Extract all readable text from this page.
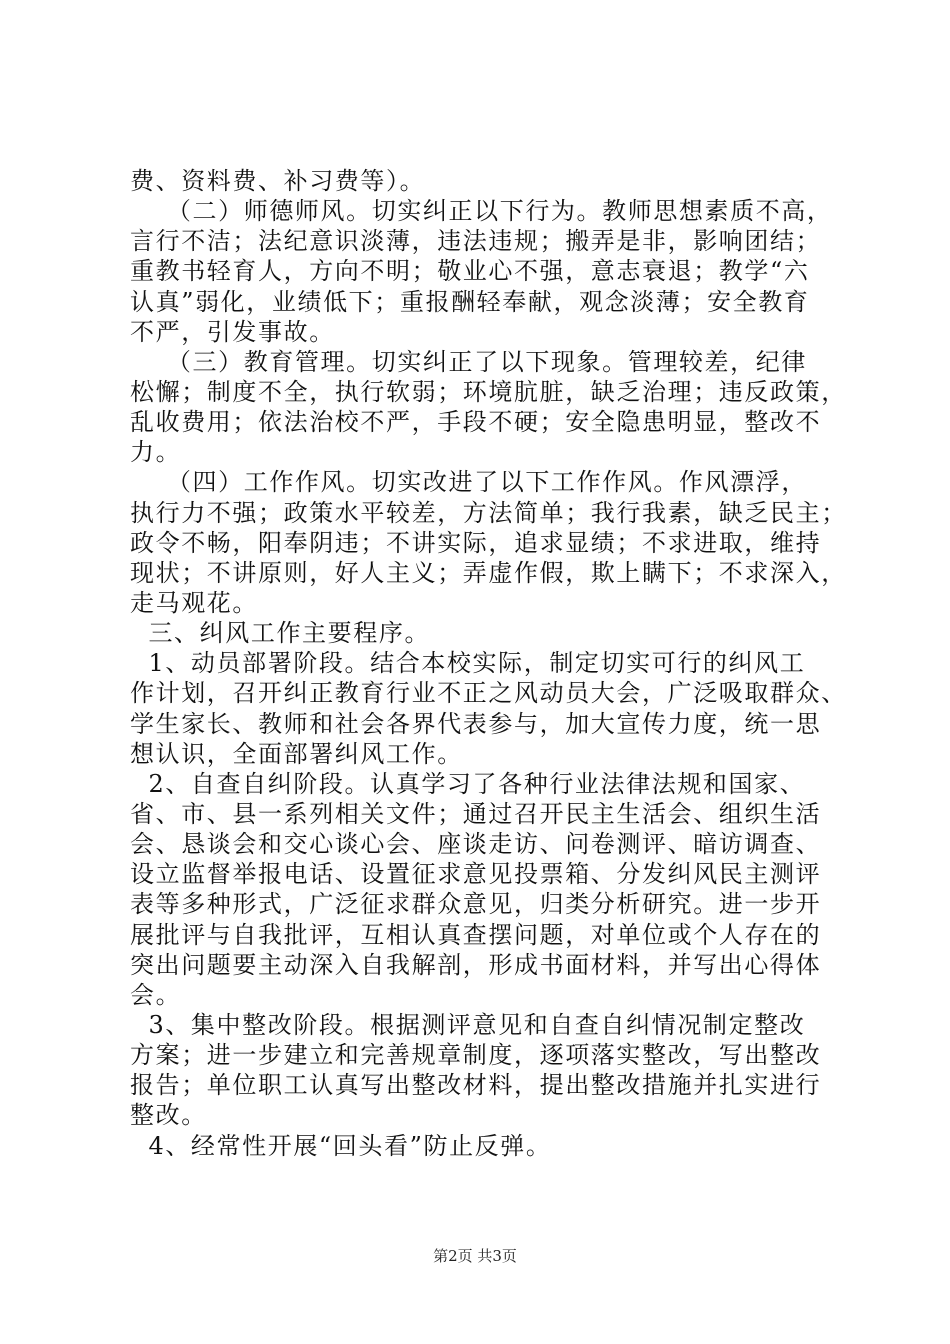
费、资料费、补习费等）。
（二）师德师风。切实纠正以下行为。教师思想素质不高，
言行不洁；法纪意识淡薄，违法违规；搬弄是非，影响团结；
重教书轻育人，方向不明；敬业心不强，意志衰退；教学“六
认真”弱化，业绩低下；重报酬轻奉献，观念淡薄；安全教育
不严，引发事故。
（三）教育管理。切实纠正了以下现象。管理较差，纪律
松懈；制度不全，执行软弱；环境肮脏，缺乏治理；违反政策，
乱收费用；依法治校不严，手段不硬；安全隐患明显，整改不
力。
（四）工作作风。切实改进了以下工作作风。作风漂浮，
执行力不强；政策水平较差，方法简单；我行我素，缺乏民主；
政令不畅，阳奉阴违；不讲实际，追求显绩；不求进取，维持
现状；不讲原则，好人主义；弄虚作假，欺上瞒下；不求深入，
走马观花。
三、纠风工作主要程序。
1、动员部署阶段。结合本校实际，制定切实可行的纠风工
作计划，召开纠正教育行业不正之风动员大会，广泛吸取群众、
学生家长、教师和社会各界代表参与，加大宣传力度，统一思
想认识，全面部署纠风工作。
2、自查自纠阶段。认真学习了各种行业法律法规和国家、
省、市、县一系列相关文件；通过召开民主生活会、组织生活
会、恳谈会和交心谈心会、座谈走访、问卷测评、暗访调查、
设立监督举报电话、设置征求意见投票箱、分发纠风民主测评
表等多种形式，广泛征求群众意见，归类分析研究。进一步开
展批评与自我批评，互相认真查摆问题，对单位或个人存在的
突出问题要主动深入自我解剖，形成书面材料，并写出心得体
会。
3、集中整改阶段。根据测评意见和自查自纠情况制定整改
方案；进一步建立和完善规章制度，逐项落实整改，写出整改
报告；单位职工认真写出整改材料，提出整改措施并扎实进行
整改。
4、经常性开展“回头看”防止反弹。
第2页 共3页
